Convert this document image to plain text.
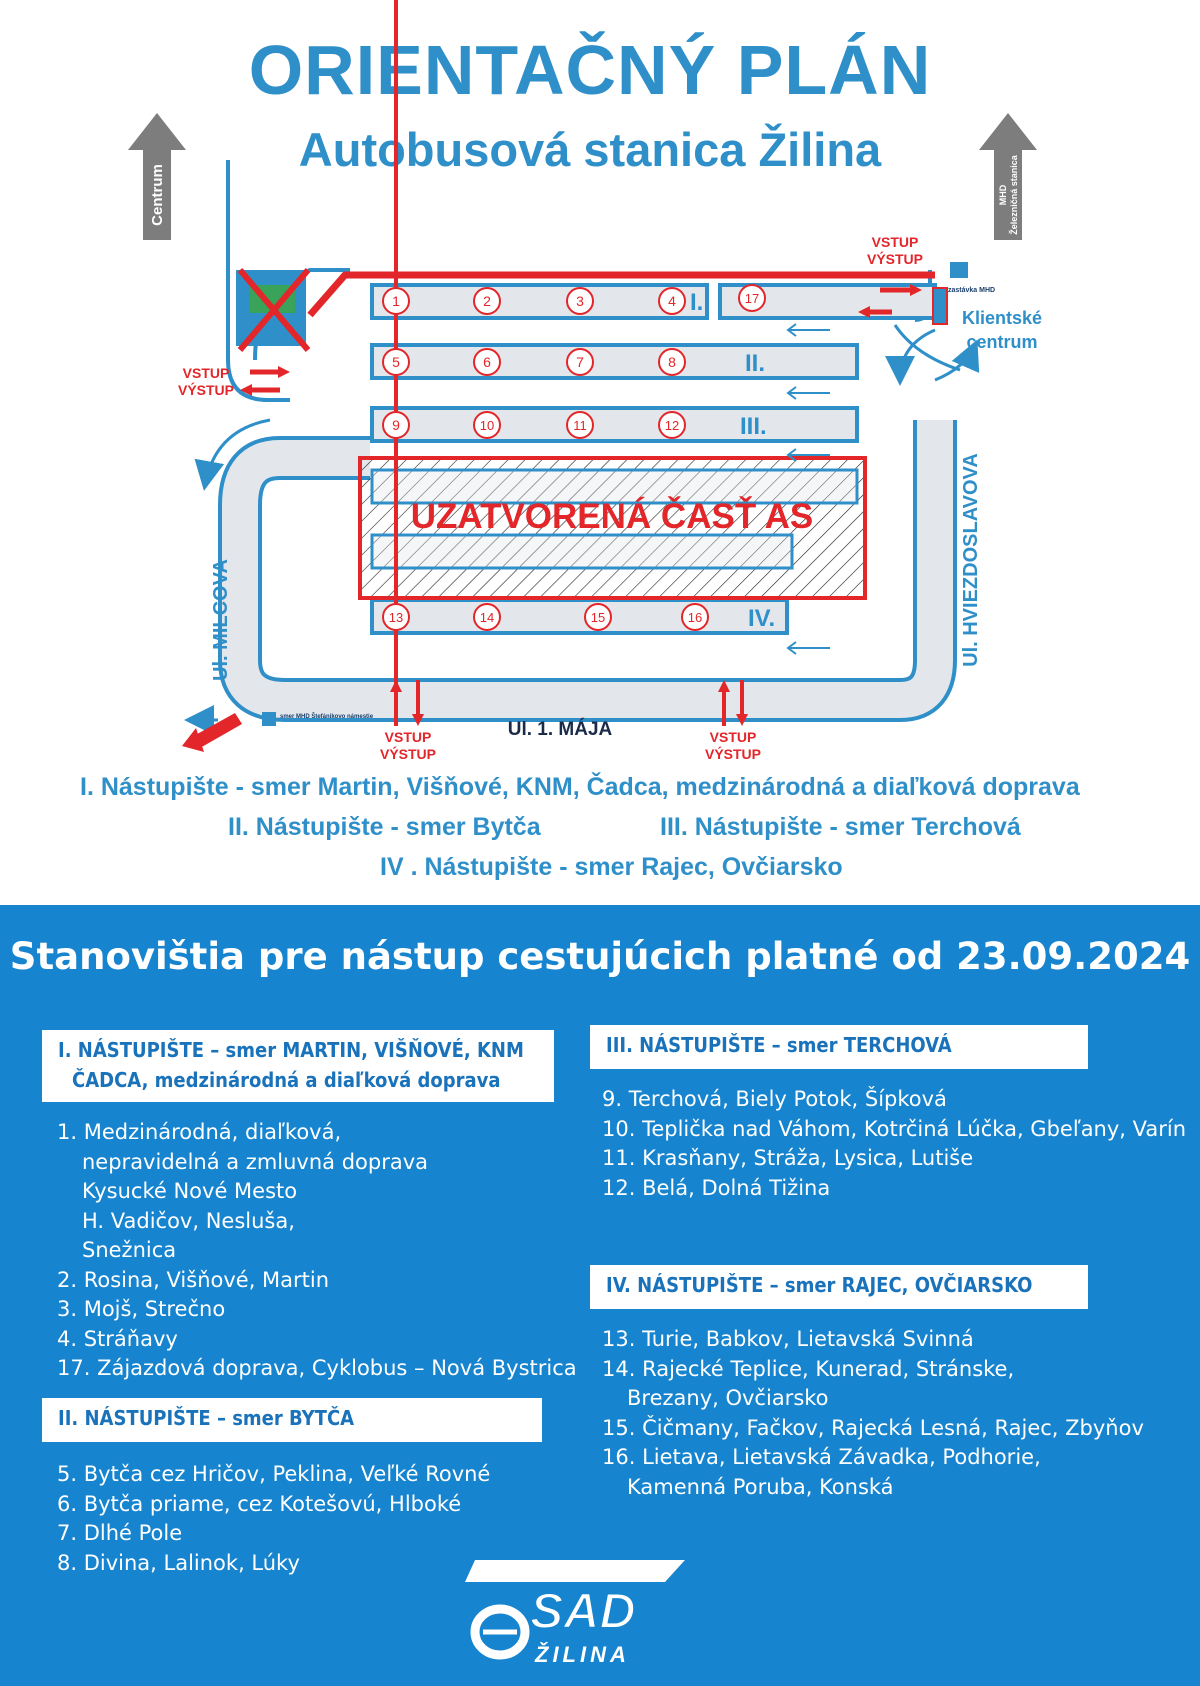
ORIENTAČNÝ PLÁN
Autobusová stanica Žilina
Centrum	MHD Železničná stanica
UZATVORENÁ ČASŤ AS
zastávka MHD
1	2	3	4
5	6	7	8
9	10	11	12
13	14	15	16
17
I.
II.
III.
IV.
VSTUP
VÝSTUP
VSTUP
VÝSTUP
VSTUP
VÝSTUP
VSTUP
VÝSTUP
Klientské
centrum
Ul. MILCOVA	Ul. HVIEZDOSLAVOVA
Ul. 1. MÁJA
smer MHD Štefánikovo námestie
I. Nástupište - smer Martin, Višňové, KNM, Čadca, medzinárodná a diaľková doprava
II. Nástupište - smer Bytča	III. Nástupište - smer Terchová
IV . Nástupište - smer Rajec, Ovčiarsko
Stanovištia pre nástup cestujúcich platné od 23.09.2024
I. NÁSTUPIŠTE – smer MARTIN, VIŠŇOVÉ, KNM
ČADCA, medzinárodná a diaľková doprava
1. Medzinárodná, diaľková,
nepravidelná a zmluvná doprava
Kysucké Nové Mesto
H. Vadičov, Nesluša,
Snežnica
2. Rosina, Višňové, Martin
3. Mojš, Strečno
4. Stráňavy
17. Zájazdová doprava, Cyklobus – Nová Bystrica
II. NÁSTUPIŠTE – smer BYTČA
5. Bytča cez Hričov, Peklina, Veľké Rovné
6. Bytča priame, cez Kotešovú, Hlboké
7. Dlhé Pole
8. Divina, Lalinok, Lúky
III. NÁSTUPIŠTE – smer TERCHOVÁ
9. Terchová, Biely Potok, Šípková
10. Teplička nad Váhom, Kotrčiná Lúčka, Gbeľany, Varín
11. Krasňany, Stráža, Lysica, Lutiše
12. Belá, Dolná Tižina
IV. NÁSTUPIŠTE – smer RAJEC, OVČIARSKO
13. Turie, Babkov, Lietavská Svinná
14. Rajecké Teplice, Kunerad, Stránske,
Brezany, Ovčiarsko
15. Čičmany, Fačkov, Rajecká Lesná, Rajec, Zbyňov
16. Lietava, Lietavská Závadka, Podhorie,
Kamenná Poruba, Konská
SAD
ŽILINA
